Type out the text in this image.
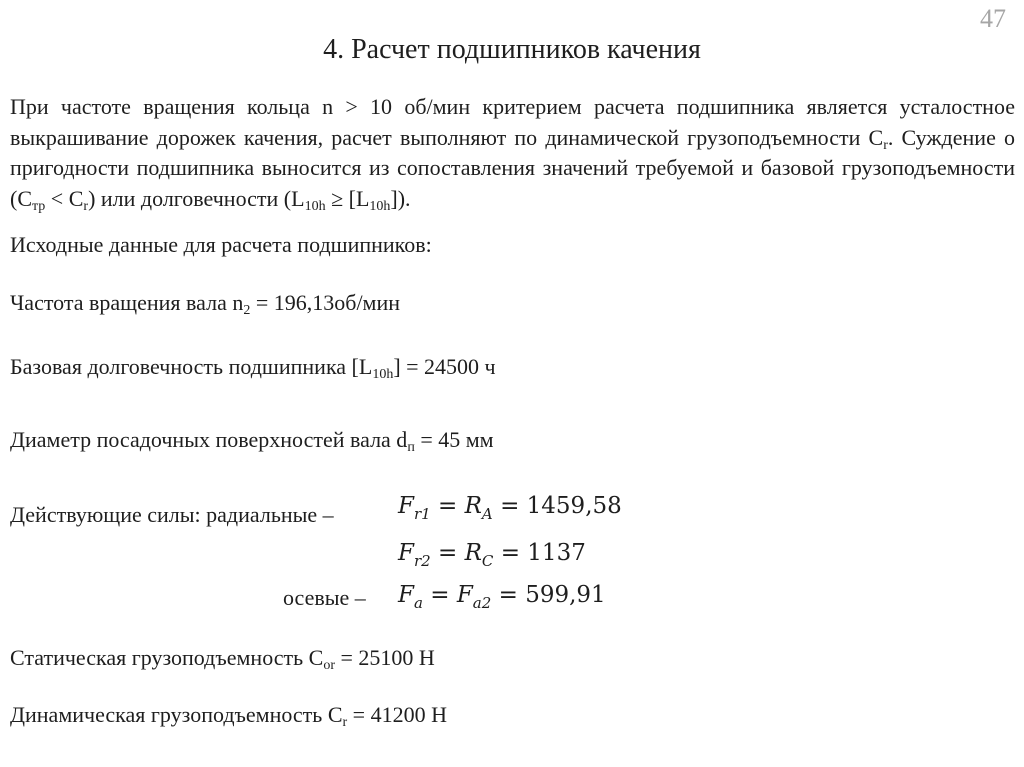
47
4. Расчет подшипников качения
При частоте вращения кольца n > 10 об/мин критерием расчета подшипника является усталостное выкрашивание дорожек качения, расчет выполняют по динамической грузоподъемности $C_r$. Суждение о пригодности подшипника выносится из сопоставления значений требуемой и базовой грузоподъемности $(C_{тр} < C_r)$ или долговечности $(L_{10h} \ge [L_{10h}])$.
Исходные данные для расчета подшипников:
Частота вращения вала $n_2 = 196,13об/мин$
Базовая долговечность подшипника $[L_{10h}] = 24500$ ч
Диаметр посадочных поверхностей вала $d_п = 45$ мм
Действующие силы: радиальные –	$F_{r1} = R_A = 1459,58$
$F_{r2} = R_C = 1137$
осевые – $F_a = F_{a2} = 599,91$
Статическая грузоподъемность $C_{or} = 25100$ Н
Динамическая грузоподъемность $C_r = 41200$ Н
